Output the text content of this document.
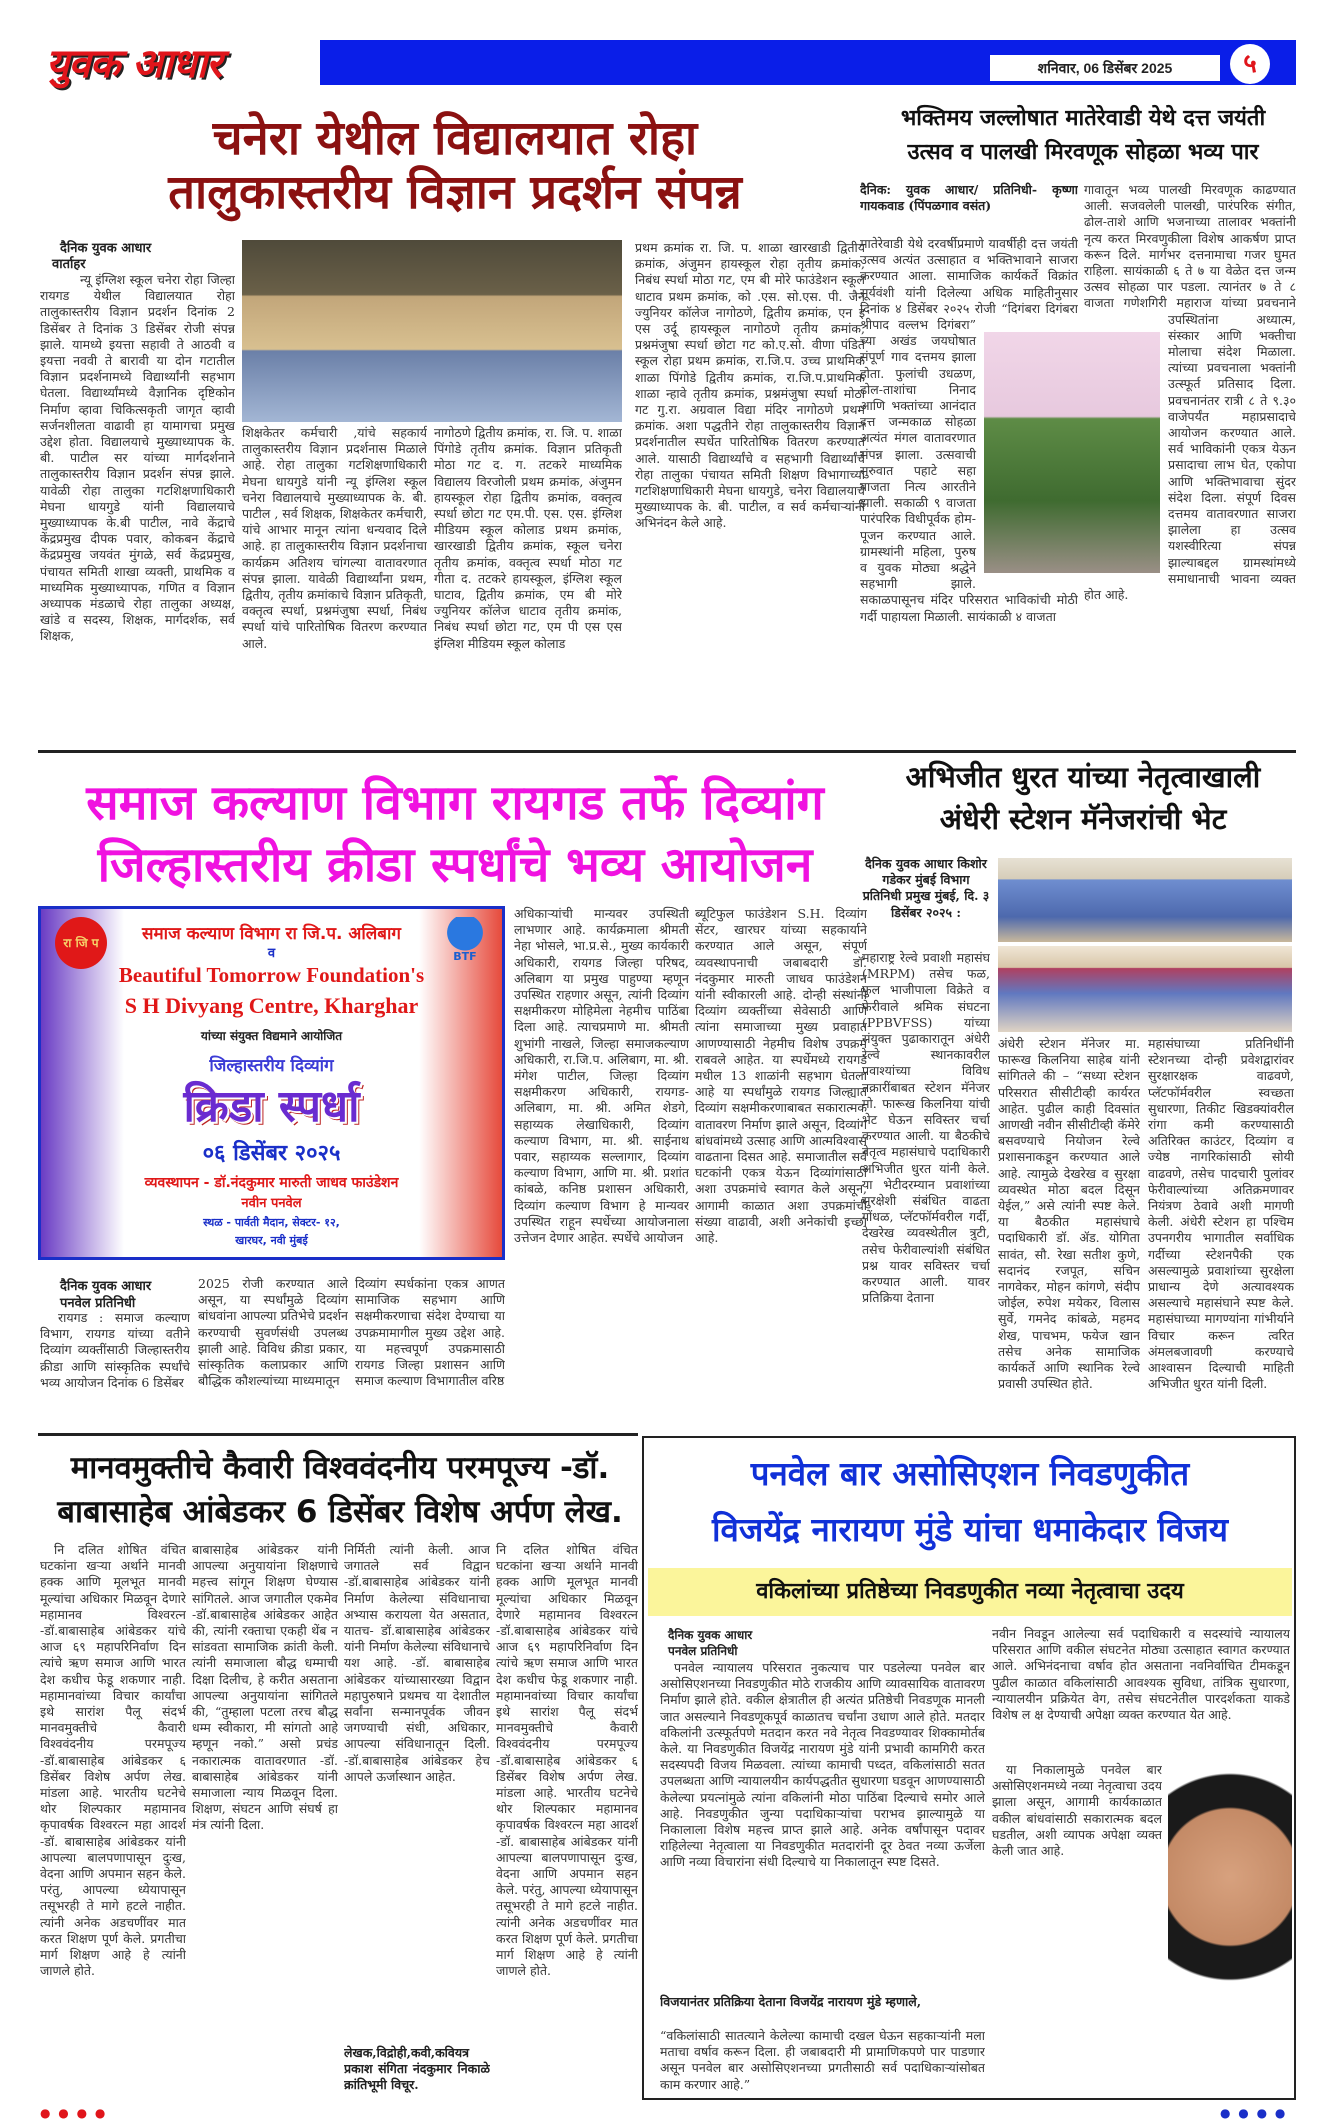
युवक आधार	शनिवार, 06 डिसेंबर 2025	५
चनेरा येथील विद्यालयात रोहा
तालुकास्तरीय विज्ञान प्रदर्शन संपन्न
दैनिक युवक आधार
वार्ताहर
न्यू इंग्लिश स्कूल चनेरा रोहा जिल्हा रायगड येथील विद्यालयात रोहा तालुकास्तरीय विज्ञान प्रदर्शन दिनांक 2 डिसेंबर ते दिनांक 3 डिसेंबर रोजी संपन्न झाले. यामध्ये इयत्ता सहावी ते आठवी व इयत्ता नववी ते बारावी या दोन गटातील विज्ञान प्रदर्शनामध्ये विद्यार्थ्यांनी सहभाग घेतला. विद्यार्थ्यांमध्ये वैज्ञानिक दृष्टिकोन निर्माण व्हावा चिकित्सकृती जागृत व्हावी सर्जनशीलता वाढावी हा यामागचा प्रमुख उद्देश होता. विद्यालयाचे मुख्याध्यापक के. बी. पाटील सर यांच्या मार्गदर्शनाने तालुकास्तरीय विज्ञान प्रदर्शन संपन्न झाले. यावेळी रोहा तालुका गटशिक्षणाधिकारी मेघना धायगुडे यांनी विद्यालयाचे मुख्याध्यापक के.बी पाटील, नावे केंद्राचे केंद्रप्रमुख दीपक पवार, कोकबन केंद्राचे केंद्रप्रमुख जयवंत मुंगळे, सर्व केंद्रप्रमुख, पंचायत समिती शाखा व्यक्ती, प्राथमिक व माध्यमिक मुख्याध्यापक, गणित व विज्ञान अध्यापक मंडळाचे रोहा तालुका अध्यक्ष, खांडे व सदस्य, शिक्षक, मार्गदर्शक, सर्व शिक्षक,
शिक्षकेतर कर्मचारी ,यांचे सहकार्य तालुकास्तरीय विज्ञान प्रदर्शनास मिळाले आहे. रोहा तालुका गटशिक्षणाधिकारी मेघना धायगुडे यांनी न्यू इंग्लिश स्कूल चनेरा विद्यालयाचे मुख्याध्यापक के. बी. पाटील , सर्व शिक्षक, शिक्षकेतर कर्मचारी, यांचे आभार मानून त्यांना धन्यवाद दिले आहे. हा तालुकास्तरीय विज्ञान प्रदर्शनाचा कार्यक्रम अतिशय चांगल्या वातावरणात संपन्न झाला. यावेळी विद्यार्थ्यांना प्रथम, द्वितीय, तृतीय क्रमांकाचे विज्ञान प्रतिकृती, वक्तृत्व स्पर्धा, प्रश्नमंजुषा स्पर्धा, निबंध स्पर्धा यांचे पारितोषिक वितरण करण्यात आले.
नागोठणे द्वितीय क्रमांक, रा. जि. प. शाळा पिंगोडे तृतीय क्रमांक. विज्ञान प्रतिकृती मोठा गट द. ग. तटकरे माध्यमिक विद्यालय विरजोली प्रथम क्रमांक, अंजुमन हायस्कूल रोहा द्वितीय क्रमांक, वक्तृत्व स्पर्धा छोटा गट एम.पी. एस. एस. इंग्लिश मीडियम स्कूल कोलाड प्रथम क्रमांक, खारखाडी द्वितीय क्रमांक, स्कूल चनेरा तृतीय क्रमांक, वक्तृत्व स्पर्धा मोठा गट गीता द. तटकरे हायस्कूल, इंग्लिश स्कूल घाटाव, द्वितीय क्रमांक, एम बी मोरे ज्युनियर कॉलेज धाटाव तृतीय क्रमांक, निबंध स्पर्धा छोटा गट, एम पी एस एस इंग्लिश मीडियम स्कूल कोलाड
प्रथम क्रमांक रा. जि. प. शाळा खारखाडी द्वितीय क्रमांक, अंजुमन हायस्कूल रोहा तृतीय क्रमांक, निबंध स्पर्धा मोठा गट, एम बी मोरे फाउंडेशन स्कूल धाटाव प्रथम क्रमांक, को .एस. सो.एस. पी. जैन ज्युनियर कॉलेज नागोठणे, द्वितीय क्रमांक, एन इ एस उर्दू हायस्कूल नागोठणे तृतीय क्रमांक, प्रश्नमंजुषा स्पर्धा छोटा गट को.ए.सो. वीणा पंडित स्कूल रोहा प्रथम क्रमांक, रा.जि.प. उच्च प्राथमिक शाळा पिंगोडे द्वितीय क्रमांक, रा.जि.प.प्राथमिक शाळा न्हावे तृतीय क्रमांक, प्रश्नमंजुषा स्पर्धा मोठा गट गु.रा. अग्रवाल विद्या मंदिर नागोठणे प्रथम क्रमांक. अशा पद्धतीने रोहा तालुकास्तरीय विज्ञान प्रदर्शनातील स्पर्धेत पारितोषिक वितरण करण्यात आले. यासाठी विद्यार्थ्यांचे व सहभागी विद्यार्थ्यांचे रोहा तालुका पंचायत समिती शिक्षण विभागाच्या गटशिक्षणाधिकारी मेघना धायगुडे, चनेरा विद्यालयाचे मुख्याध्यापक के. बी. पाटील, व सर्व कर्मचाऱ्यांनी अभिनंदन केले आहे.
भक्तिमय जल्लोषात मातेरेवाडी येथे दत्त जयंती
उत्सव व पालखी मिरवणूक सोहळा भव्य पार
दैनिक: युवक आधार/ प्रतिनिधी- कृष्णा गायकवाड (पिंपळगाव वसंत)
मातेरेवाडी येथे दरवर्षीप्रमाणे यावर्षीही दत्त जयंती उत्सव अत्यंत उत्साहात व भक्तिभावाने साजरा करण्यात आला. सामाजिक कार्यकर्ते विक्रांत सूर्यवंशी यांनी दिलेल्या अधिक माहितीनुसार दिनांक ४ डिसेंबर २०२५ रोजी “दिगंबरा दिगंबरा श्रीपाद वल्लभ दिगंबरा” च्या अखंड जयघोषात संपूर्ण गाव दत्तमय झाला होता. फुलांची उधळण, ढोल-ताशांचा निनाद आणि भक्तांच्या आनंदात दत्त जन्मकाळ सोहळा अत्यंत मंगल वातावरणात संपन्न झाला. उत्सवाची सुरुवात पहाटे सहा वाजता नित्य आरतीने झाली. सकाळी ९ वाजता पारंपरिक विधीपूर्वक होम-पूजन करण्यात आले. ग्रामस्थांनी महिला, पुरुष व युवक मोठ्या श्रद्धेने सहभागी झाले. सकाळपासूनच मंदिर परिसरात भाविकांची मोठी गर्दी पाहायला मिळाली. सायंकाळी ४ वाजता
गावातून भव्य पालखी मिरवणूक काढण्यात आली. सजवलेली पालखी, पारंपरिक संगीत, ढोल-ताशे आणि भजनाच्या तालावर भक्तांनी नृत्य करत मिरवणुकीला विशेष आकर्षण प्राप्त करून दिले. मार्गभर दत्तनामाचा गजर घुमत राहिला. सायंकाळी ६ ते ७ या वेळेत दत्त जन्म उत्सव सोहळा पार पडला. त्यानंतर ७ ते ८ वाजता गणेशगिरी महाराज यांच्या प्रवचनाने उपस्थितांना अध्यात्म, संस्कार आणि भक्तीचा मोलाचा संदेश मिळाला. त्यांच्या प्रवचनाला भक्तांनी उत्स्फूर्त प्रतिसाद दिला. प्रवचनानंतर रात्री ८ ते ९.३० वाजेपर्यंत महाप्रसादाचे आयोजन करण्यात आले. सर्व भाविकांनी एकत्र येऊन प्रसादाचा लाभ घेत, एकोपा आणि भक्तिभावाचा सुंदर संदेश दिला. संपूर्ण दिवस दत्तमय वातावरणात साजरा झालेला हा उत्सव यशस्वीरित्या संपन्न झाल्याबद्दल ग्रामस्थांमध्ये समाधानाची भावना व्यक्त होत आहे.
समाज कल्याण विभाग रायगड तर्फे दिव्यांग
जिल्हास्तरीय क्रीडा स्पर्धांचे भव्य आयोजन
रा जि प
BTF
समाज कल्याण विभाग रा जि.प. अलिबाग
व
Beautiful Tomorrow Foundation's
S H Divyang Centre, Kharghar
यांच्या संयुक्त विद्यमाने आयोजित
जिल्हास्तरीय दिव्यांग
क्रिडा स्पर्धा
०६ डिसेंबर २०२५
व्यवस्थापन - डॉ.नंदकुमार मारुती जाधव फाउंडेशन
नवीन पनवेल
स्थळ - पार्वती मैदान, सेक्टर- १२,
खारघर, नवी मुंबई
अधिकाऱ्यांची मान्यवर उपस्थिती लाभणार आहे. कार्यक्रमाला श्रीमती नेहा भोसले, भा.प्र.से., मुख्य कार्यकारी अधिकारी, रायगड जिल्हा परिषद, अलिबाग या प्रमुख पाहुण्या म्हणून उपस्थित राहणार असून, त्यांनी दिव्यांग सक्षमीकरण मोहिमेला नेहमीच पाठिंबा दिला आहे. त्याचप्रमाणे मा. श्रीमती शुभांगी नाखले, जिल्हा समाजकल्याण अधिकारी, रा.जि.प. अलिबाग, मा. श्री. मंगेश पाटील, जिल्हा दिव्यांग सक्षमीकरण अधिकारी, रायगड-अलिबाग, मा. श्री. अमित शेडगे, सहाय्यक लेखाधिकारी, दिव्यांग कल्याण विभाग, मा. श्री. साईनाथ पवार, सहाय्यक सल्लागार, दिव्यांग कल्याण विभाग, आणि मा. श्री. प्रशांत कांबळे, कनिष्ठ प्रशासन अधिकारी, दिव्यांग कल्याण विभाग हे मान्यवर उपस्थित राहून स्पर्धेच्या आयोजनाला उत्तेजन देणार आहेत. स्पर्धेचे आयोजन
ब्यूटिफुल फाउंडेशन S.H. दिव्यांग सेंटर, खारघर यांच्या सहकार्याने करण्यात आले असून, संपूर्ण व्यवस्थापनाची जबाबदारी डॉ. नंदकुमार मारुती जाधव फाउंडेशन यांनी स्वीकारली आहे. दोन्ही संस्थांनी दिव्यांग व्यक्तींच्या सेवेसाठी आणि त्यांना समाजाच्या मुख्य प्रवाहात आणण्यासाठी नेहमीच विशेष उपक्रम राबवले आहेत. या स्पर्धेमध्ये रायगड मधील 13 शाळांनी सहभाग घेतला आहे या स्पर्धांमुळे रायगड जिल्ह्यात दिव्यांग सक्षमीकरणाबाबत सकारात्मक वातावरण निर्माण झाले असून, दिव्यांग बांधवांमध्ये उत्साह आणि आत्मविश्वास वाढताना दिसत आहे. समाजातील सर्व घटकांनी एकत्र येऊन दिव्यांगांसाठी अशा उपक्रमांचे स्वागत केले असून, आगामी काळात अशा उपक्रमांची संख्या वाढावी, अशी अनेकांची इच्छा आहे.
दैनिक युवक आधार
पनवेल प्रतिनिधी
रायगड : समाज कल्याण विभाग, रायगड यांच्या वतीने दिव्यांग व्यक्तींसाठी जिल्हास्तरीय क्रीडा आणि सांस्कृतिक स्पर्धांचे भव्य आयोजन दिनांक 6 डिसेंबर
2025 रोजी करण्यात आले असून, या स्पर्धांमुळे दिव्यांग बांधवांना आपल्या प्रतिभेचे प्रदर्शन करण्याची सुवर्णसंधी उपलब्ध झाली आहे. विविध क्रीडा प्रकार, सांस्कृतिक कलाप्रकार आणि बौद्धिक कौशल्यांच्या माध्यमातून
दिव्यांग स्पर्धकांना एकत्र आणत सामाजिक सहभाग आणि सक्षमीकरणाचा संदेश देण्याचा या उपक्रमामागील मुख्य उद्देश आहे. या महत्त्वपूर्ण उपक्रमासाठी रायगड जिल्हा प्रशासन आणि समाज कल्याण विभागातील वरिष्ठ
अभिजीत धुरत यांच्या नेतृत्वाखाली
अंधेरी स्टेशन मॅनेजरांची भेट
दैनिक युवक आधार किशोर गडेकर मुंबई विभाग प्रतिनिधी प्रमुख मुंबई, दि. ३ डिसेंबर २०२५ :
महाराष्ट्र रेल्वे प्रवाशी महासंघ (MRPM) तसेच फळ, फुल भाजीपाला विक्रेते व फेरीवाले श्रमिक संघटना (PPBVFSS) यांच्या संयुक्त पुढाकारातून अंधेरी रेल्वे स्थानकावरील प्रवाश्यांच्या विविध तक्रारींबाबत स्टेशन मॅनेजर मो. फारूख किलनिया यांची भेट घेऊन सविस्तर चर्चा करण्यात आली. या बैठकीचे नेतृत्व महासंघाचे पदाधिकारी अभिजीत धुरत यांनी केले. या भेटीदरम्यान प्रवाशांच्या सुरक्षेशी संबंधित वाढता गोंधळ, प्लॅटफॉर्मवरील गर्दी, देखरेख व्यवस्थेतील त्रुटी, तसेच फेरीवाल्यांशी संबंधित प्रश्न यावर सविस्तर चर्चा करण्यात आली. यावर प्रतिक्रिया देताना
अंधेरी स्टेशन मॅनेजर मा. फारूख किलनिया साहेब यांनी सांगितले की – “सध्या स्टेशन परिसरात सीसीटीव्ही कार्यरत आहेत. पुढील काही दिवसांत आणखी नवीन सीसीटीव्ही कॅमेरे बसवण्याचे नियोजन रेल्वे प्रशासनाकडून करण्यात आले आहे. त्यामुळे देखरेख व सुरक्षा व्यवस्थेत मोठा बदल दिसून येईल,” असे त्यांनी स्पष्ट केले. या बैठकीत महासंघाचे पदाधिकारी डॉ. ॲड. योगिता सावंत, सौ. रेखा सतीश कुणे, सदानंद रजपूत, सचिन नागवेकर, मोहन कांगणे, संदीप जोईल, रुपेश मयेकर, विलास सुर्वे, गमनेद कांबळे, महमद शेख, पाचभम, फयेज खान तसेच अनेक सामाजिक कार्यकर्ते आणि स्थानिक रेल्वे प्रवासी उपस्थित होते.
महासंघाच्या प्रतिनिधींनी स्टेशनच्या दोन्ही प्रवेशद्वारांवर सुरक्षारक्षक वाढवणे, प्लॅटफॉर्मवरील स्वच्छता सुधारणा, तिकीट खिडक्यांवरील रांगा कमी करण्यासाठी अतिरिक्त काउंटर, दिव्यांग व ज्येष्ठ नागरिकांसाठी सोयी वाढवणे, तसेच पादचारी पुलांवर फेरीवाल्यांच्या अतिक्रमणावर नियंत्रण ठेवावे अशी मागणी केली. अंधेरी स्टेशन हा पश्चिम उपनगरीय भागातील सर्वाधिक गर्दीच्या स्टेशनपैकी एक असल्यामुळे प्रवाशांच्या सुरक्षेला प्राधान्य देणे अत्यावश्यक असल्याचे महासंघाने स्पष्ट केले. महासंघाच्या मागण्यांना गांभीर्याने विचार करून त्वरित अंमलबजावणी करण्याचे आश्वासन दिल्याची माहिती अभिजीत धुरत यांनी दिली.
मानवमुक्तीचे कैवारी विश्ववंदनीय परमपूज्य -डॉ.
बाबासाहेब आंबेडकर 6 डिसेंबर विशेष अर्पण लेख.
नि दलित शोषित वंचित घटकांना खऱ्या अर्थाने मानवी हक्क आणि मूलभूत मानवी मूल्यांचा अधिकार मिळवून देणारे महामानव विश्वरत्न -डॉ.बाबासाहेब आंबेडकर यांचे आज ६९ महापरिनिर्वाण दिन त्यांचे ऋण समाज आणि भारत देश कधीच फेडू शकणार नाही. महामानवांच्या विचार कार्यांचा इथे सारांश पैलू संदर्भ मानवमुक्तीचे कैवारी विश्ववंदनीय परमपूज्य -डॉ.बाबासाहेब आंबेडकर ६ डिसेंबर विशेष अर्पण लेख. मांडला आहे. भारतीय घटनेचे थोर शिल्पकार महामानव कृपावर्षक विश्वरत्न महा आदर्श -डॉ. बाबासाहेब आंबेडकर यांनी आपल्या बालपणापासून दुःख, वेदना आणि अपमान सहन केले. परंतु, आपल्या ध्येयापासून तसूभरही ते मागे हटले नाहीत. त्यांनी अनेक अडचणींवर मात करत शिक्षण पूर्ण केले. प्रगतीचा मार्ग शिक्षण आहे हे त्यांनी जाणले होते.
बाबासाहेब आंबेडकर यांनी आपल्या अनुयायांना शिक्षणाचे महत्त्व सांगून शिक्षण घेण्यास सांगितले. आज जगातील एकमेव -डॉ.बाबासाहेब आंबेडकर आहेत की, त्यांनी रक्ताचा एकही थेंब न सांडवता सामाजिक क्रांती केली. त्यांनी समाजाला बौद्ध धम्माची दिक्षा दिलीच, हे करीत असताना आपल्या अनुयायांना सांगितले की, “तुम्हाला पटला तरच बौद्ध धम्म स्वीकारा, मी सांगतो आहे म्हणून नको.” असो प्रचंड नकारात्मक वातावरणात -डॉ. बाबासाहेब आंबेडकर यांनी समाजाला न्याय मिळवून दिला. शिक्षण, संघटन आणि संघर्ष हा मंत्र त्यांनी दिला.
निर्मिती त्यांनी केली. आज जगातले सर्व विद्वान -डॉ.बाबासाहेब आंबेडकर यांनी निर्माण केलेल्या संविधानाचा अभ्यास करायला येत असतात, यातच- डॉ.बाबासाहेब आंबेडकर यांनी निर्माण केलेल्या संविधानाचे यश आहे. -डॉ. बाबासाहेब आंबेडकर यांच्यासारख्या विद्वान महापुरुषाने प्रथमच या देशातील सर्वांना सन्मानपूर्वक जीवन जगण्याची संधी, अधिकार, आपल्या संविधानातून दिली. -डॉ.बाबासाहेब आंबेडकर हेच आपले ऊर्जास्थान आहेत.
लेखक,विद्रोही,कवी,कवियत्र प्रकाश संगिता नंदकुमार निकाळे क्रांतिभूमी विचूर.
नि दलित शोषित वंचित घटकांना खऱ्या अर्थाने मानवी हक्क आणि मूलभूत मानवी मूल्यांचा अधिकार मिळवून देणारे महामानव विश्वरत्न -डॉ.बाबासाहेब आंबेडकर यांचे आज ६९ महापरिनिर्वाण दिन त्यांचे ऋण समाज आणि भारत देश कधीच फेडू शकणार नाही. महामानवांच्या विचार कार्यांचा इथे सारांश पैलू संदर्भ मानवमुक्तीचे कैवारी विश्ववंदनीय परमपूज्य -डॉ.बाबासाहेब आंबेडकर ६ डिसेंबर विशेष अर्पण लेख. मांडला आहे. भारतीय घटनेचे थोर शिल्पकार महामानव कृपावर्षक विश्वरत्न महा आदर्श -डॉ. बाबासाहेब आंबेडकर यांनी आपल्या बालपणापासून दुःख, वेदना आणि अपमान सहन केले. परंतु, आपल्या ध्येयापासून तसूभरही ते मागे हटले नाहीत. त्यांनी अनेक अडचणींवर मात करत शिक्षण पूर्ण केले. प्रगतीचा मार्ग शिक्षण आहे हे त्यांनी जाणले होते.
पनवेल बार असोसिएशन निवडणुकीत
विजयेंद्र नारायण मुंडे यांचा धमाकेदार विजय
वकिलांच्या प्रतिष्ठेच्या निवडणुकीत नव्या नेतृत्वाचा उदय
दैनिक युवक आधार
पनवेल प्रतिनिधी
पनवेल न्यायालय परिसरात नुकत्याच पार पडलेल्या पनवेल बार असोसिएशनच्या निवडणुकीत मोठे राजकीय आणि व्यावसायिक वातावरण निर्माण झाले होते. वकील क्षेत्रातील ही अत्यंत प्रतिष्ठेची निवडणूक मानली जात असल्याने निवडणूकपूर्व काळातच चर्चांना उधाण आले होते. मतदार वकिलांनी उत्स्फूर्तपणे मतदान करत नवे नेतृत्व निवडण्यावर शिक्कामोर्तब केले. या निवडणुकीत विजयेंद्र नारायण मुंडे यांनी प्रभावी कामगिरी करत सदस्यपदी विजय मिळवला. त्यांच्या कामाची पध्दत, वकिलांसाठी सतत उपलब्धता आणि न्यायालयीन कार्यपद्धतीत सुधारणा घडवून आणण्यासाठी केलेल्या प्रयत्नांमुळे त्यांना वकिलांनी मोठा पाठिंबा दिल्याचे समोर आले आहे. निवडणुकीत जुन्या पदाधिकाऱ्यांचा पराभव झाल्यामुळे या निकालाला विशेष महत्त्व प्राप्त झाले आहे. अनेक वर्षांपासून पदावर राहिलेल्या नेतृत्वाला या निवडणुकीत मतदारांनी दूर ठेवत नव्या ऊर्जेला आणि नव्या विचारांना संधी दिल्याचे या निकालातून स्पष्ट दिसते.
विजयानंतर प्रतिक्रिया देताना विजयेंद्र नारायण मुंडे म्हणाले,
“वकिलांसाठी सातत्याने केलेल्या कामाची दखल घेऊन सहकाऱ्यांनी मला मताचा वर्षाव करून दिला. ही जबाबदारी मी प्रामाणिकपणे पार पाडणार असून पनवेल बार असोसिएशनच्या प्रगतीसाठी सर्व पदाधिकाऱ्यांसोबत काम करणार आहे.”
नवीन निवडून आलेल्या सर्व पदाधिकारी व सदस्यांचे न्यायालय परिसरात आणि वकील संघटनेत मोठ्या उत्साहात स्वागत करण्यात आले. अभिनंदनाचा वर्षाव होत असताना नवनिर्वाचित टीमकडून पुढील काळात वकिलांसाठी आवश्यक सुविधा, तांत्रिक सुधारणा, न्यायालयीन प्रक्रियेत वेग, तसेच संघटनेतील पारदर्शकता याकडे विशेष ल क्ष देण्याची अपेक्षा व्यक्त करण्यात येत आहे.
या निकालामुळे पनवेल बार असोसिएशनमध्ये नव्या नेतृत्वाचा उदय झाला असून, आगामी कार्यकाळात वकील बांधवांसाठी सकारात्मक बदल घडतील, अशी व्यापक अपेक्षा व्यक्त केली जात आहे.
● ● ● ●	● ● ● ●
